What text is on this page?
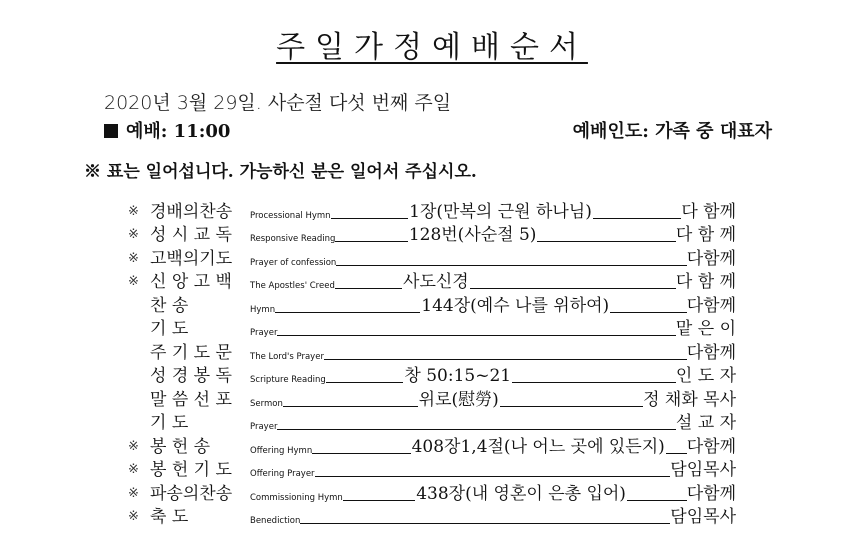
주일가정예배순서
2020년 3월 29일. 사순절 다섯 번째 주일
예배: 11:00	예배인도: 가족 중 대표자
※ 표는 일어섭니다. 가능하신 분은 일어서 주십시오.
※ 경배의찬송	Processional Hymn	1장(만복의 근원 하나님)	다 함께
※ 성 시 교 독	Responsive Reading	128번(사순절 5)	다 함 께
※ 고백의기도	Prayer of confession	다함께
※ 신 앙 고 백	The Apostles' Creed	사도신경	다 함 께
찬 송	Hymn	144장(예수 나를 위하여)	다함께
기 도	Prayer	맡 은 이
주 기 도 문	The Lord's Prayer	다함께
성 경 봉 독	Scripture Reading	창 50:15~21	인 도 자
말 씀 선 포	Sermon	위로(慰勞)	정 채화 목사
기 도	Prayer	설 교 자
※ 봉 헌 송	Offering Hymn	408장1,4절(나 어느 곳에 있든지) 다함께
※ 봉 헌 기 도	Offering Prayer	담임목사
※ 파송의찬송	Commissioning Hymn	438장(내 영혼이 은총 입어)	다함께
※ 축 도	Benediction	담임목사
